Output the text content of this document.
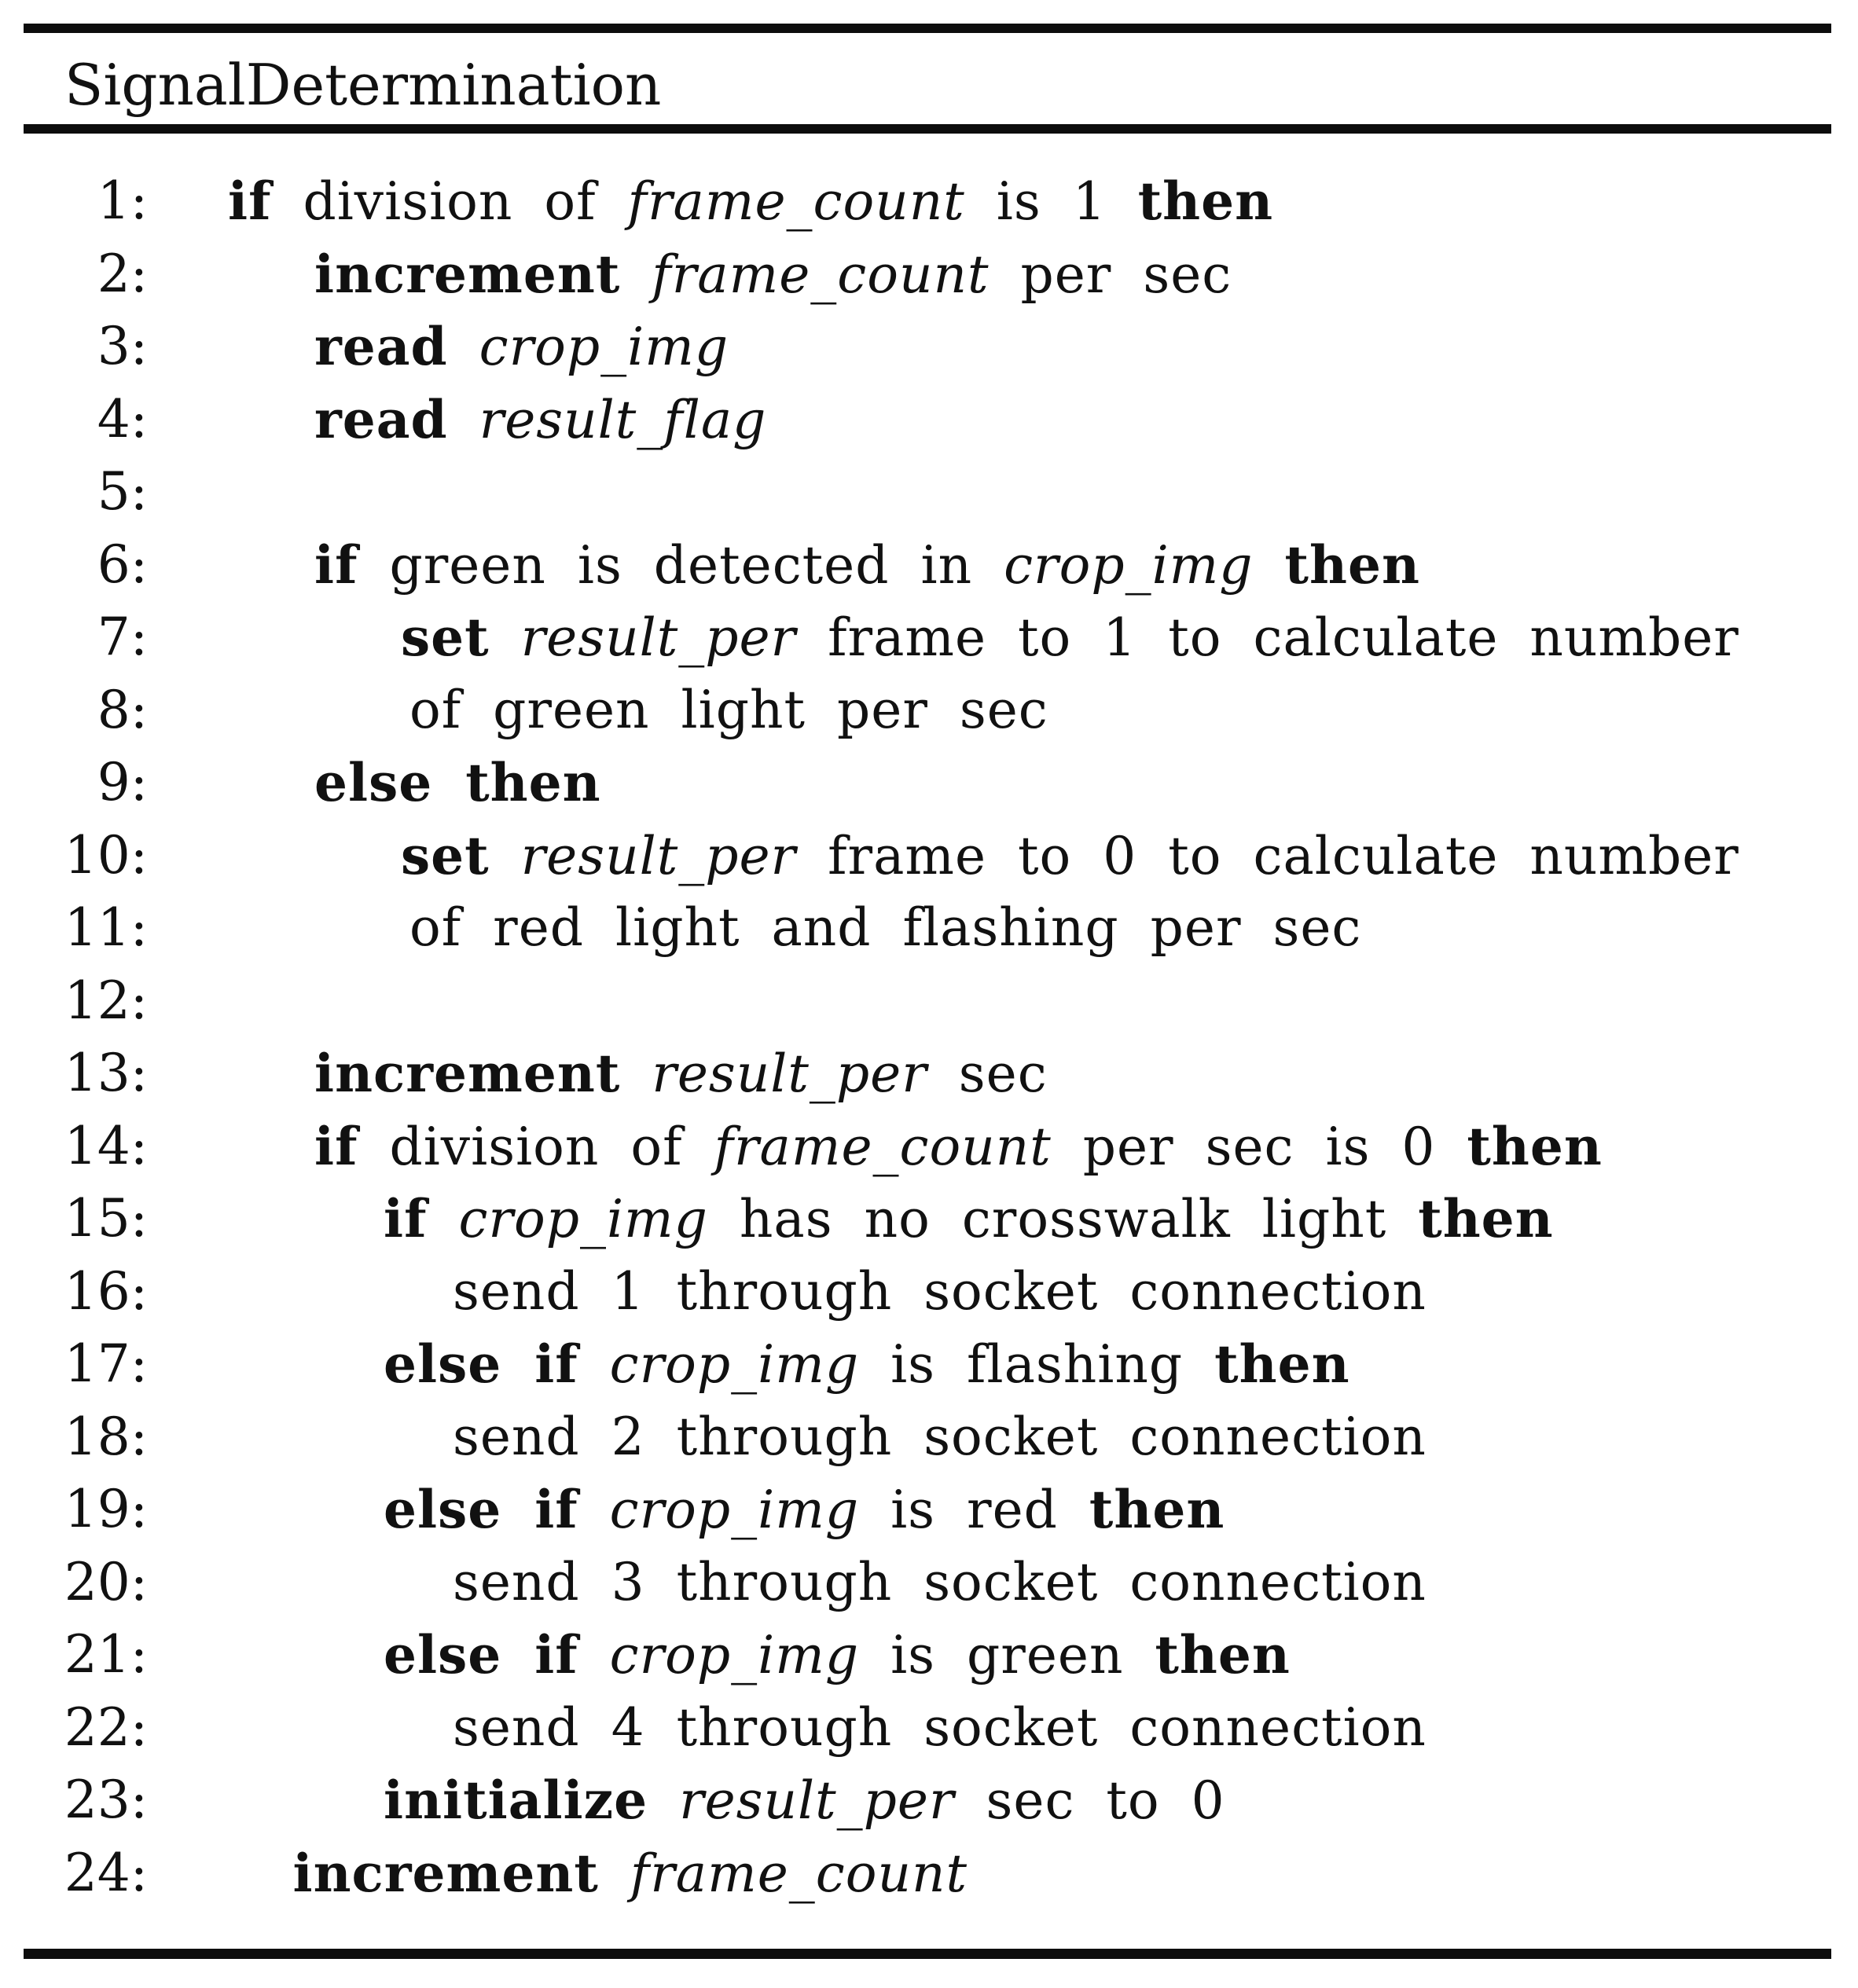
SignalDetermination
1: if division of frame_count is 1 then
2:	increment frame_count per sec
3:	read crop_img
4:	read result_flag
5:
6:	if green is detected in crop_img then
7:	set result_per frame to 1 to calculate number
8:	of green light per sec
9:	else then
10:	set result_per frame to 0 to calculate number
11:	of red light and flashing per sec
12:
13:	increment result_per sec
14:	if division of frame_count per sec is 0 then
15:	if crop_img has no crosswalk light then
16:	send 1 through socket connection
17:	else if crop_img is flashing then
18:	send 2 through socket connection
19:	else if crop_img is red then
20:	send 3 through socket connection
21:	else if crop_img is green then
22:	send 4 through socket connection
23:	initialize result_per sec to 0
24:	increment frame_count
